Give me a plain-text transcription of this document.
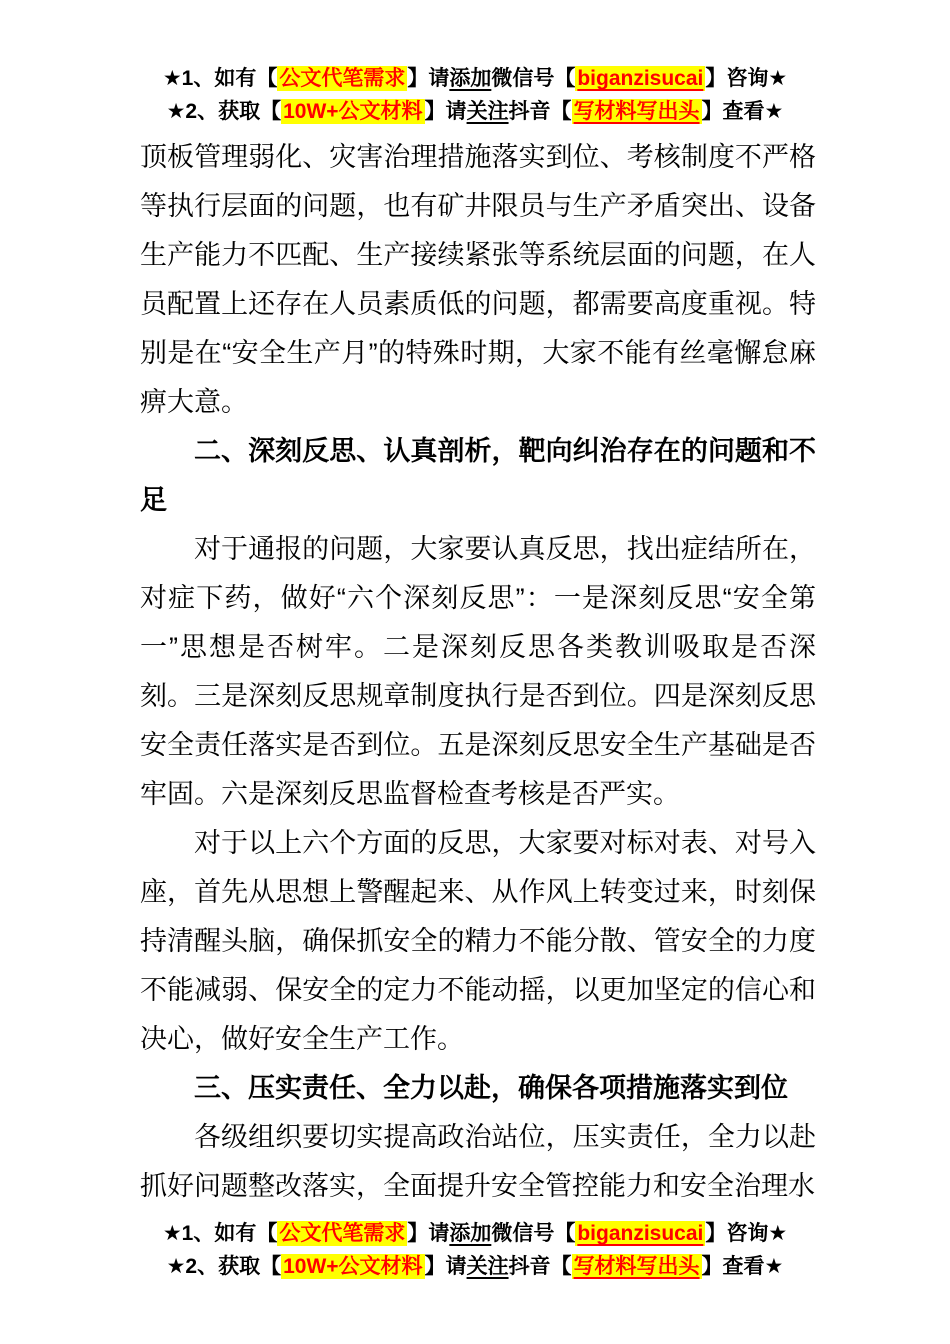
★1、如有【公文代笔需求】请添加微信号【biganzisucai】咨询★
★2、获取【10W+公文材料】请关注抖音【写材料写出头】查看★

顶板管理弱化、灾害治理措施落实到位、考核制度不严格等执行层面的问题，也有矿井限员与生产矛盾突出、设备生产能力不匹配、生产接续紧张等系统层面的问题，在人员配置上还存在人员素质低的问题，都需要高度重视。特别是在“安全生产月”的特殊时期，大家不能有丝毫懈怠麻痹大意。

二、深刻反思、认真剖析，靶向纠治存在的问题和不足

对于通报的问题，大家要认真反思，找出症结所在，对症下药，做好“六个深刻反思”：一是深刻反思“安全第一”思想是否树牢。二是深刻反思各类教训吸取是否深刻。三是深刻反思规章制度执行是否到位。四是深刻反思安全责任落实是否到位。五是深刻反思安全生产基础是否牢固。六是深刻反思监督检查考核是否严实。

对于以上六个方面的反思，大家要对标对表、对号入座，首先从思想上警醒起来、从作风上转变过来，时刻保持清醒头脑，确保抓安全的精力不能分散、管安全的力度不能减弱、保安全的定力不能动摇，以更加坚定的信心和决心，做好安全生产工作。

三、压实责任、全力以赴，确保各项措施落实到位

各级组织要切实提高政治站位，压实责任，全力以赴抓好问题整改落实，全面提升安全管控能力和安全治理水

★1、如有【公文代笔需求】请添加微信号【biganzisucai】咨询★
★2、获取【10W+公文材料】请关注抖音【写材料写出头】查看★
